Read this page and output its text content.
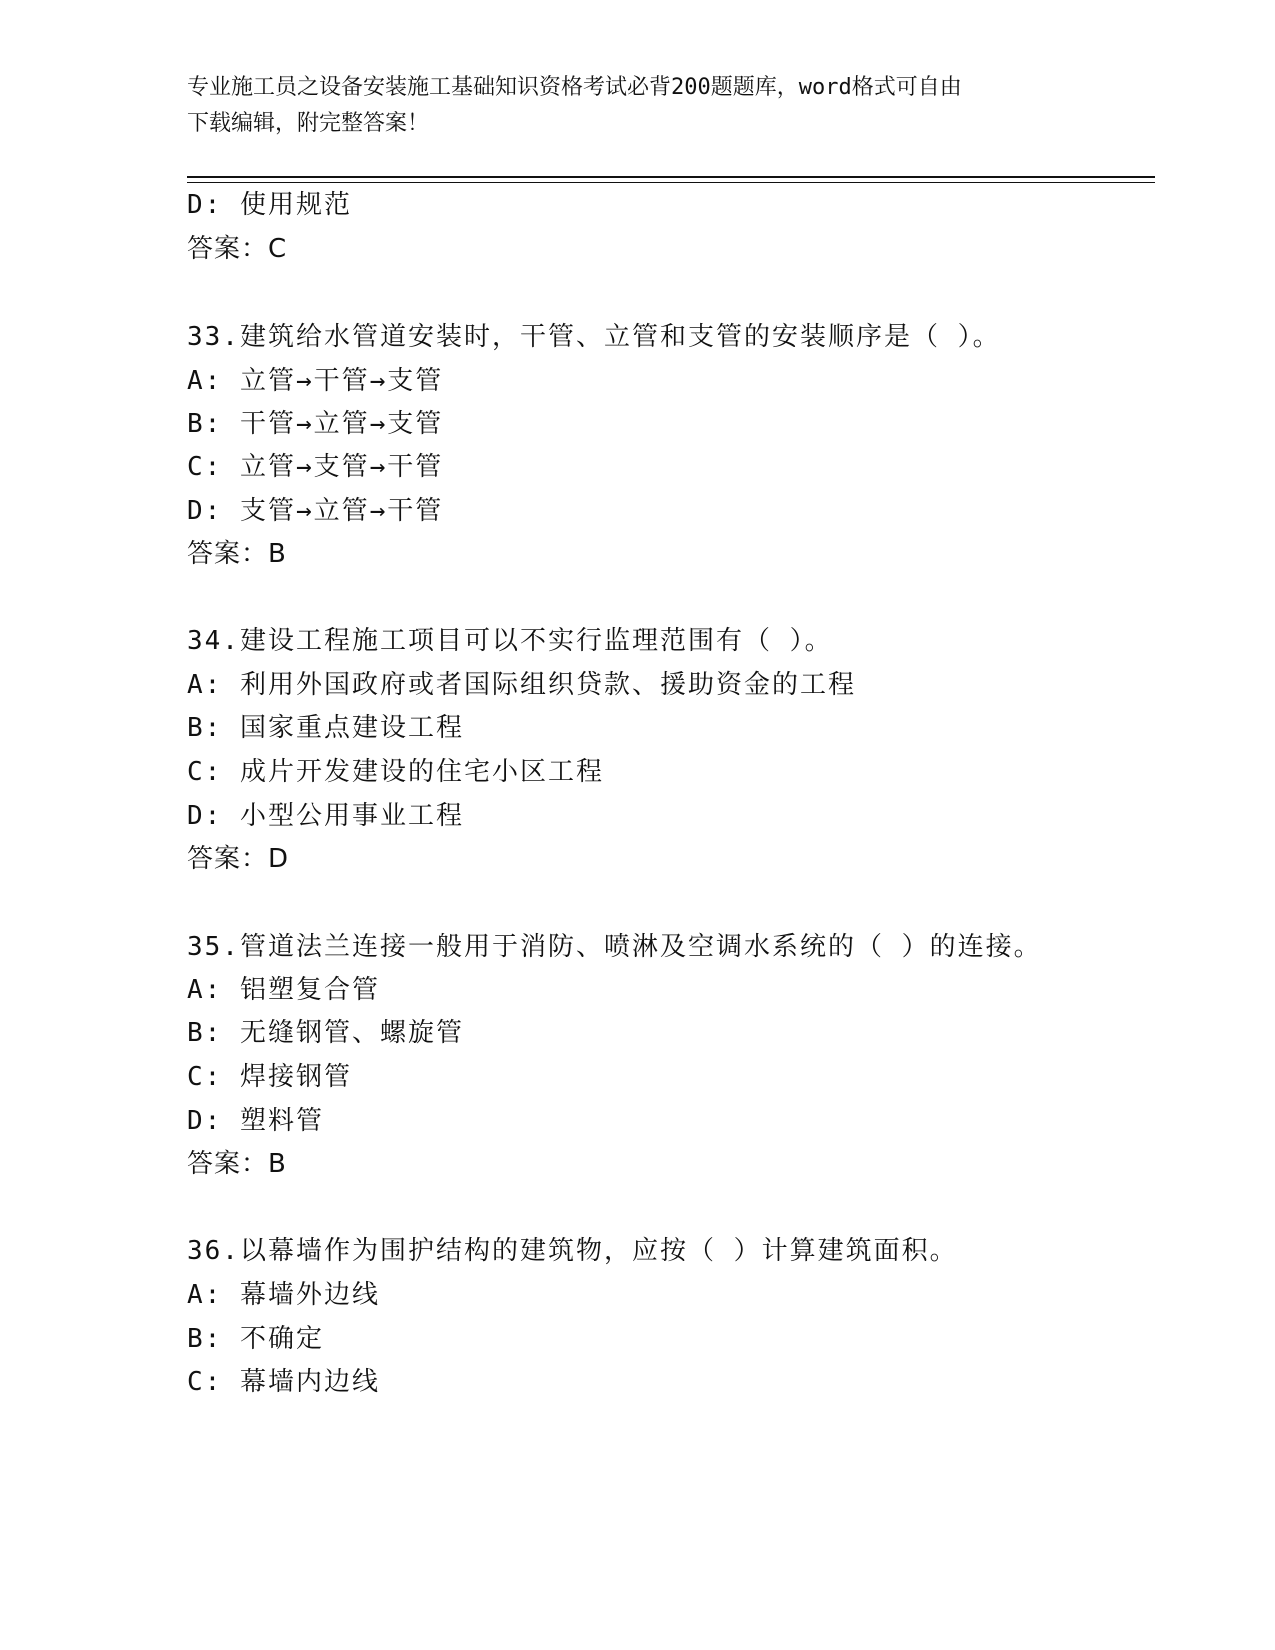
专业施工员之设备安装施工基础知识资格考试必背200题题库，word格式可自由
下载编辑，附完整答案！
D: 使用规范
答案：C
33.建筑给水管道安装时，干管、立管和支管的安装顺序是（ ）。
A: 立管→干管→支管
B: 干管→立管→支管
C: 立管→支管→干管
D: 支管→立管→干管
答案：B
34.建设工程施工项目可以不实行监理范围有（ ）。
A: 利用外国政府或者国际组织贷款、援助资金的工程
B: 国家重点建设工程
C: 成片开发建设的住宅小区工程
D: 小型公用事业工程
答案：D
35.管道法兰连接一般用于消防、喷淋及空调水系统的（ ）的连接。
A: 铝塑复合管
B: 无缝钢管、螺旋管
C: 焊接钢管
D: 塑料管
答案：B
36.以幕墙作为围护结构的建筑物，应按（ ）计算建筑面积。
A: 幕墙外边线
B: 不确定
C: 幕墙内边线
